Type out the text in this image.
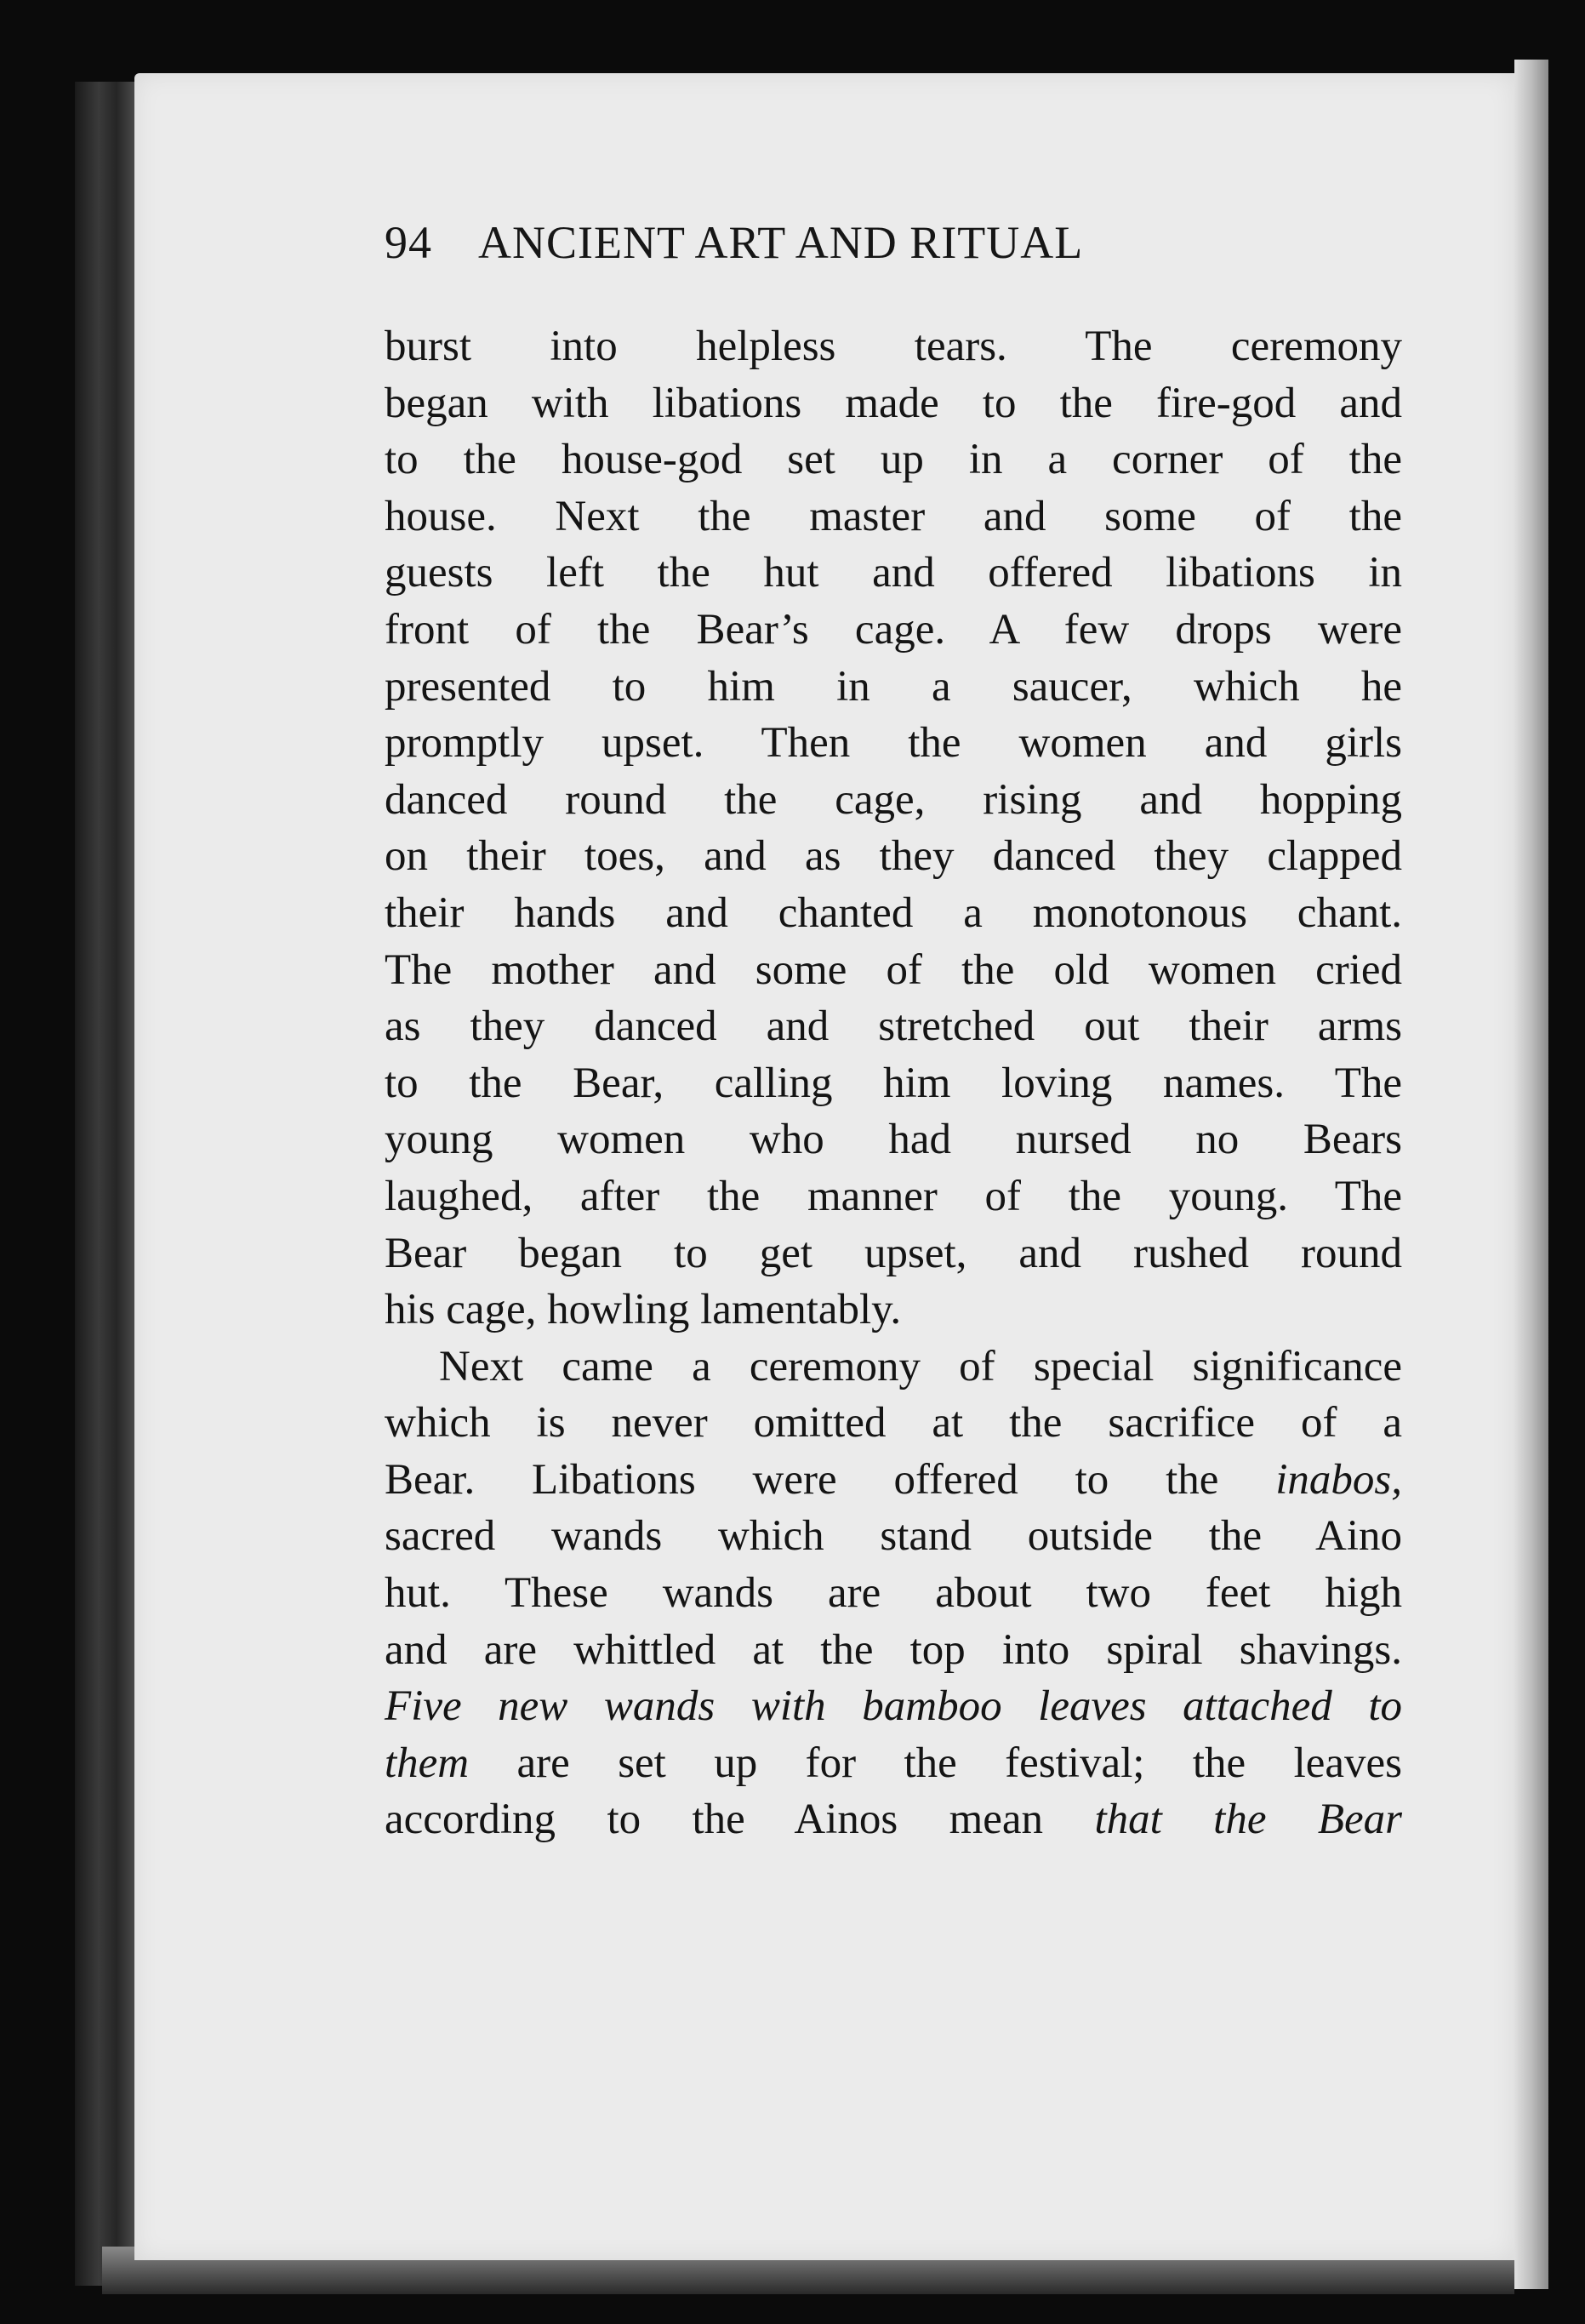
94 ANCIENT ART AND RITUAL
burst into helpless tears. The ceremony
began with libations made to the fire-god and
to the house-god set up in a corner of the
house. Next the master and some of the
guests left the hut and offered libations in
front of the Bear’s cage. A few drops were
presented to him in a saucer, which he
promptly upset. Then the women and girls
danced round the cage, rising and hopping
on their toes, and as they danced they clapped
their hands and chanted a monotonous chant.
The mother and some of the old women cried
as they danced and stretched out their arms
to the Bear, calling him loving names. The
young women who had nursed no Bears
laughed, after the manner of the young. The
Bear began to get upset, and rushed round
his cage, howling lamentably.
Next came a ceremony of special significance
which is never omitted at the sacrifice of a
Bear. Libations were offered to the inabos,
sacred wands which stand outside the Aino
hut. These wands are about two feet high
and are whittled at the top into spiral shavings.
Five new wands with bamboo leaves attached to
them are set up for the festival; the leaves
according to the Ainos mean that the Bear
